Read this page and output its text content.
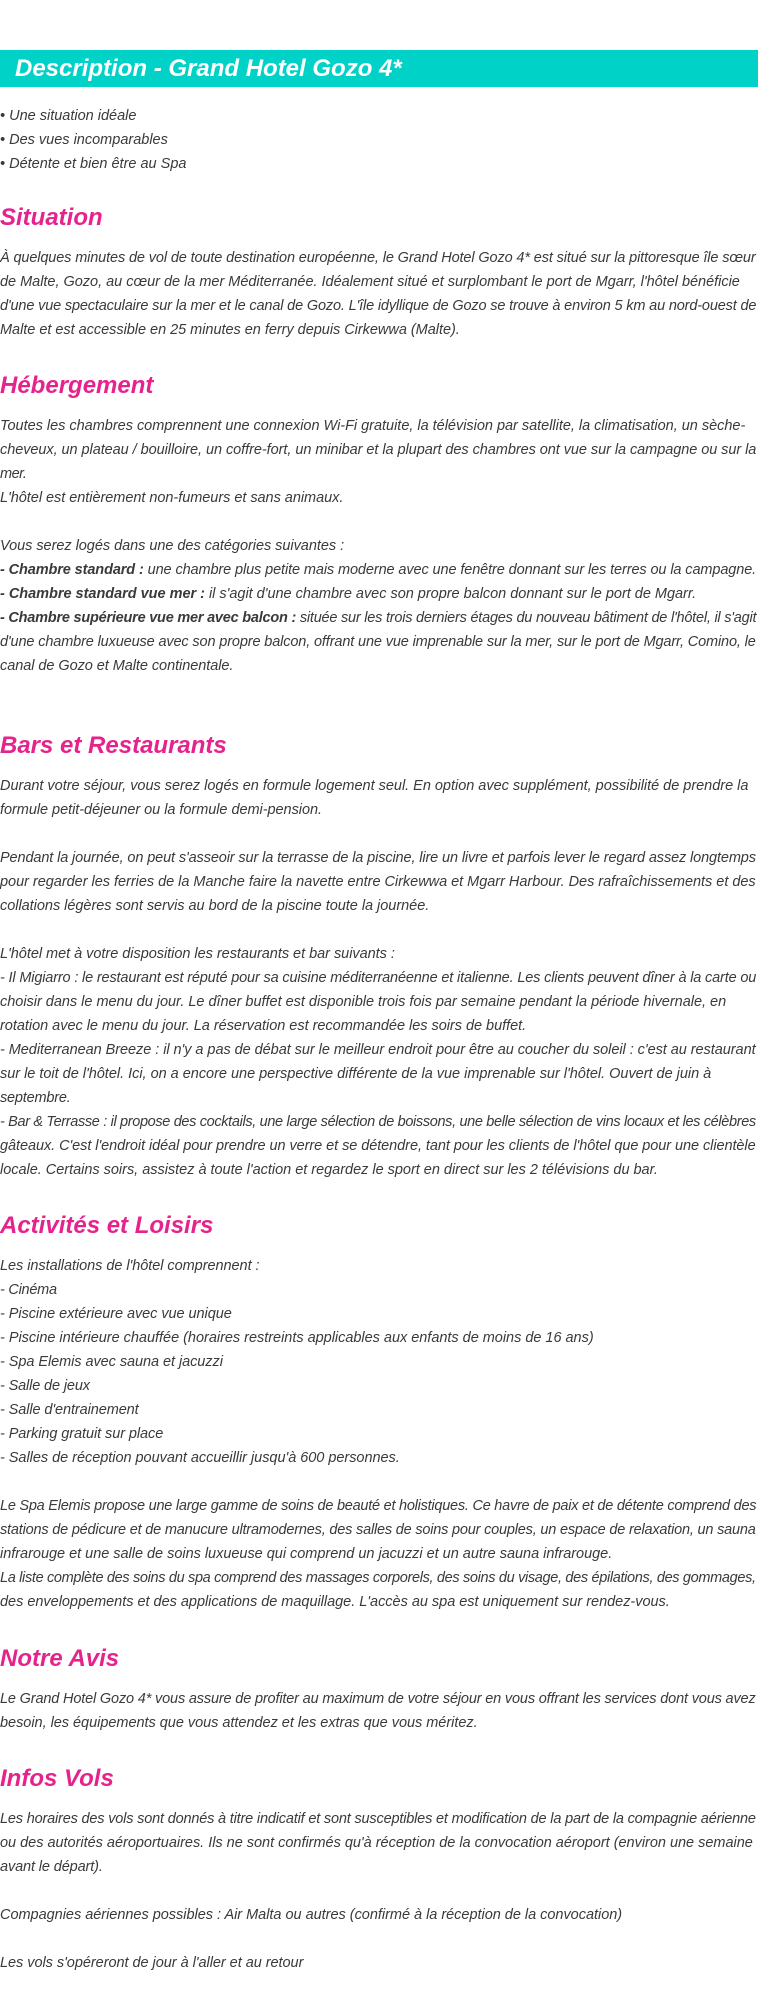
Description - Grand Hotel Gozo 4*
• Une situation idéale
• Des vues incomparables
• Détente et bien être au Spa
Situation
À quelques minutes de vol de toute destination européenne, le Grand Hotel Gozo 4* est situé sur la pittoresque île sœur
de Malte, Gozo, au cœur de la mer Méditerranée. Idéalement situé et surplombant le port de Mgarr, l'hôtel bénéficie
d'une vue spectaculaire sur la mer et le canal de Gozo. L'île idyllique de Gozo se trouve à environ 5 km au nord-ouest de
Malte et est accessible en 25 minutes en ferry depuis Cirkewwa (Malte).
Hébergement
Toutes les chambres comprennent une connexion Wi-Fi gratuite, la télévision par satellite, la climatisation, un sèche-
cheveux, un plateau / bouilloire, un coffre-fort, un minibar et la plupart des chambres ont vue sur la campagne ou sur la
mer.
L'hôtel est entièrement non-fumeurs et sans animaux.
Vous serez logés dans une des catégories suivantes :
- Chambre standard : une chambre plus petite mais moderne avec une fenêtre donnant sur les terres ou la campagne.
- Chambre standard vue mer : il s'agit d'une chambre avec son propre balcon donnant sur le port de Mgarr.
- Chambre supérieure vue mer avec balcon : située sur les trois derniers étages du nouveau bâtiment de l'hôtel, il s'agit
d'une chambre luxueuse avec son propre balcon, offrant une vue imprenable sur la mer, sur le port de Mgarr, Comino, le
canal de Gozo et Malte continentale.
Bars et Restaurants
Durant votre séjour, vous serez logés en formule logement seul. En option avec supplément, possibilité de prendre la
formule petit-déjeuner ou la formule demi-pension.
Pendant la journée, on peut s'asseoir sur la terrasse de la piscine, lire un livre et parfois lever le regard assez longtemps
pour regarder les ferries de la Manche faire la navette entre Cirkewwa et Mgarr Harbour. Des rafraîchissements et des
collations légères sont servis au bord de la piscine toute la journée.
L'hôtel met à votre disposition les restaurants et bar suivants :
- Il Migiarro : le restaurant est réputé pour sa cuisine méditerranéenne et italienne. Les clients peuvent dîner à la carte ou
choisir dans le menu du jour. Le dîner buffet est disponible trois fois par semaine pendant la période hivernale, en
rotation avec le menu du jour. La réservation est recommandée les soirs de buffet.
- Mediterranean Breeze : il n'y a pas de débat sur le meilleur endroit pour être au coucher du soleil : c'est au restaurant
sur le toit de l'hôtel. Ici, on a encore une perspective différente de la vue imprenable sur l'hôtel. Ouvert de juin à
septembre.
- Bar & Terrasse : il propose des cocktails, une large sélection de boissons, une belle sélection de vins locaux et les célèbres
gâteaux. C'est l'endroit idéal pour prendre un verre et se détendre, tant pour les clients de l'hôtel que pour une clientèle
locale. Certains soirs, assistez à toute l'action et regardez le sport en direct sur les 2 télévisions du bar.
Activités et Loisirs
Les installations de l'hôtel comprennent :
- Cinéma
- Piscine extérieure avec vue unique
- Piscine intérieure chauffée (horaires restreints applicables aux enfants de moins de 16 ans)
- Spa Elemis avec sauna et jacuzzi
- Salle de jeux
- Salle d'entrainement
- Parking gratuit sur place
- Salles de réception pouvant accueillir jusqu'à 600 personnes.
Le Spa Elemis propose une large gamme de soins de beauté et holistiques. Ce havre de paix et de détente comprend des
stations de pédicure et de manucure ultramodernes, des salles de soins pour couples, un espace de relaxation, un sauna
infrarouge et une salle de soins luxueuse qui comprend un jacuzzi et un autre sauna infrarouge.
La liste complète des soins du spa comprend des massages corporels, des soins du visage, des épilations, des gommages,
des enveloppements et des applications de maquillage. L'accès au spa est uniquement sur rendez-vous.
Notre Avis
Le Grand Hotel Gozo 4* vous assure de profiter au maximum de votre séjour en vous offrant les services dont vous avez
besoin, les équipements que vous attendez et les extras que vous méritez.
Infos Vols
Les horaires des vols sont donnés à titre indicatif et sont susceptibles et modification de la part de la compagnie aérienne
ou des autorités aéroportuaires. Ils ne sont confirmés qu'à réception de la convocation aéroport (environ une semaine
avant le départ).
Compagnies aériennes possibles : Air Malta ou autres (confirmé à la réception de la convocation)
Les vols s'opéreront de jour à l'aller et au retour
